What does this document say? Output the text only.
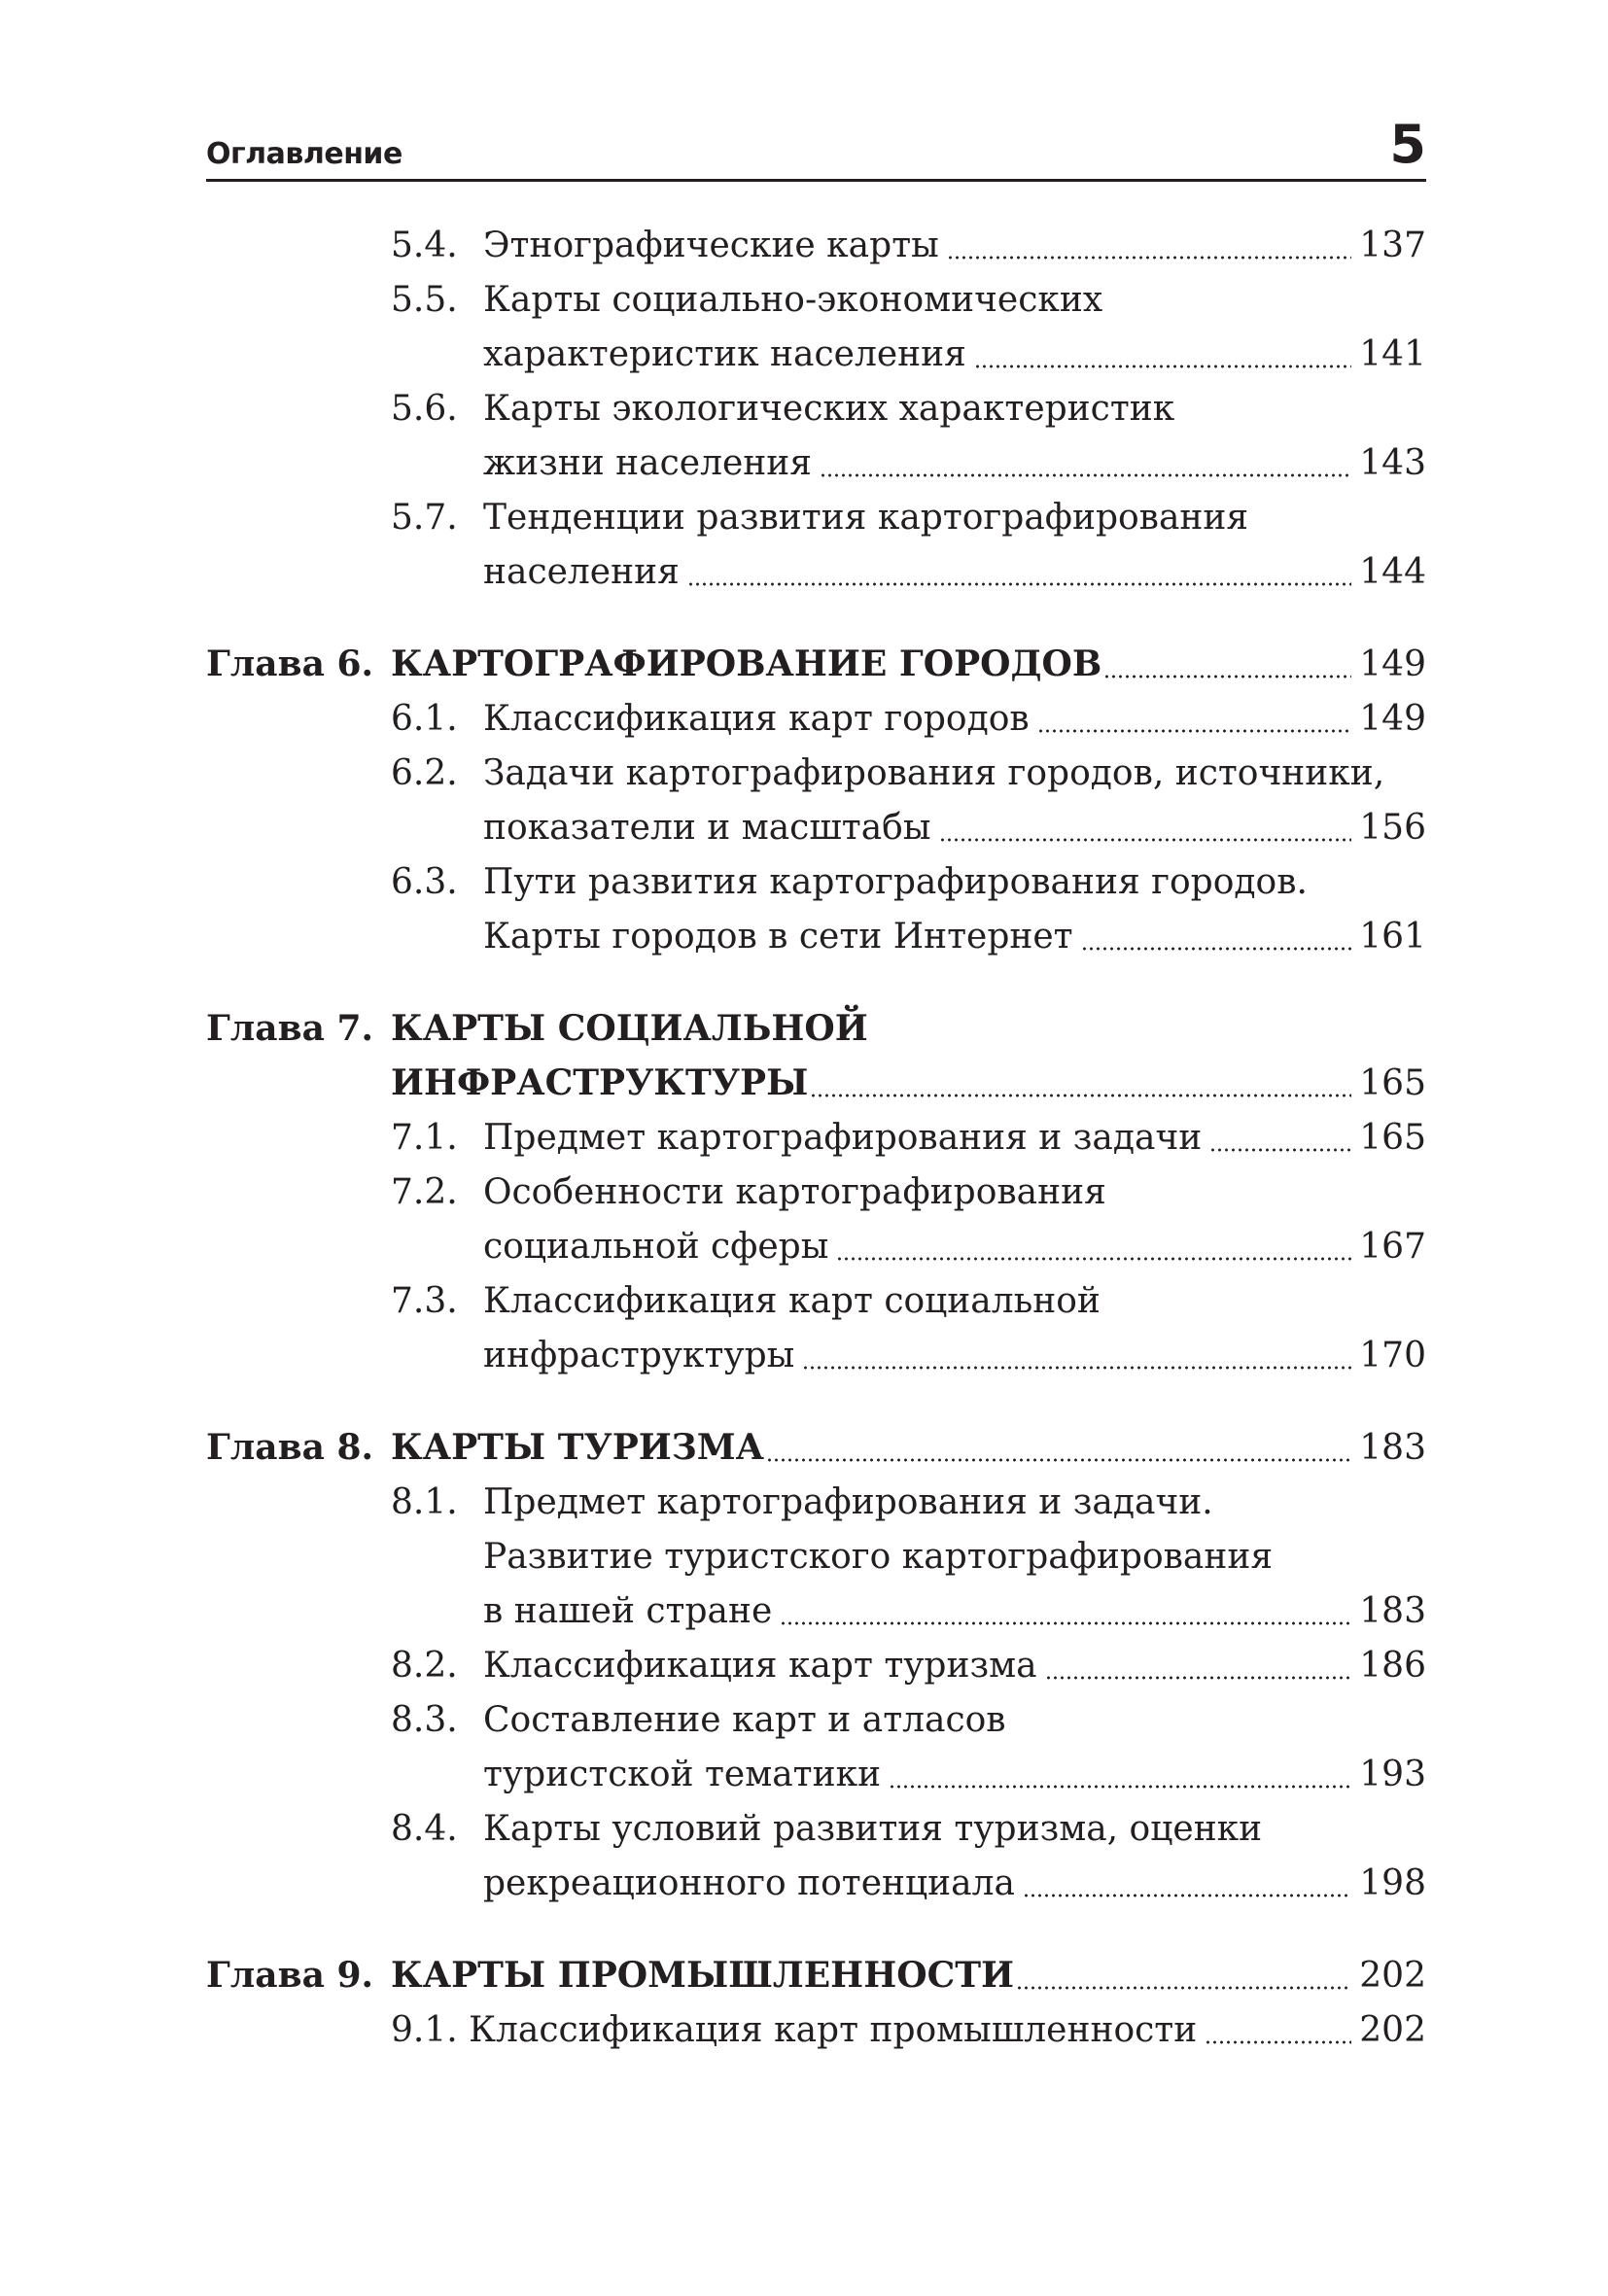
Оглавление	5
5.4. Этнографические карты	137
5.5. Карты социально-экономических
характеристик населения	141
5.6. Карты экологических характеристик
жизни населения	143
5.7. Тенденции развития картографирования
населения	144
Глава 6. КАРТОГРАФИРОВАНИЕ ГОРОДОВ	149
6.1. Классификация карт городов	149
6.2. Задачи картографирования городов, источники,
показатели и масштабы	156
6.3. Пути развития картографирования городов.
Карты городов в сети Интернет	161
Глава 7. КАРТЫ СОЦИАЛЬНОЙ
ИНФРАСТРУКТУРЫ	165
7.1. Предмет картографирования и задачи	165
7.2. Особенности картографирования
социальной сферы	167
7.3. Классификация карт социальной
инфраструктуры	170
Глава 8. КАРТЫ ТУРИЗМА	183
8.1. Предмет картографирования и задачи.
Развитие туристского картографирования
в нашей стране	183
8.2. Классификация карт туризма	186
8.3. Составление карт и атласов
туристской тематики	193
8.4. Карты условий развития туризма, оценки
рекреационного потенциала	198
Глава 9. КАРТЫ ПРОМЫШЛЕННОСТИ	202
9.1. Классификация карт промышленности	202
